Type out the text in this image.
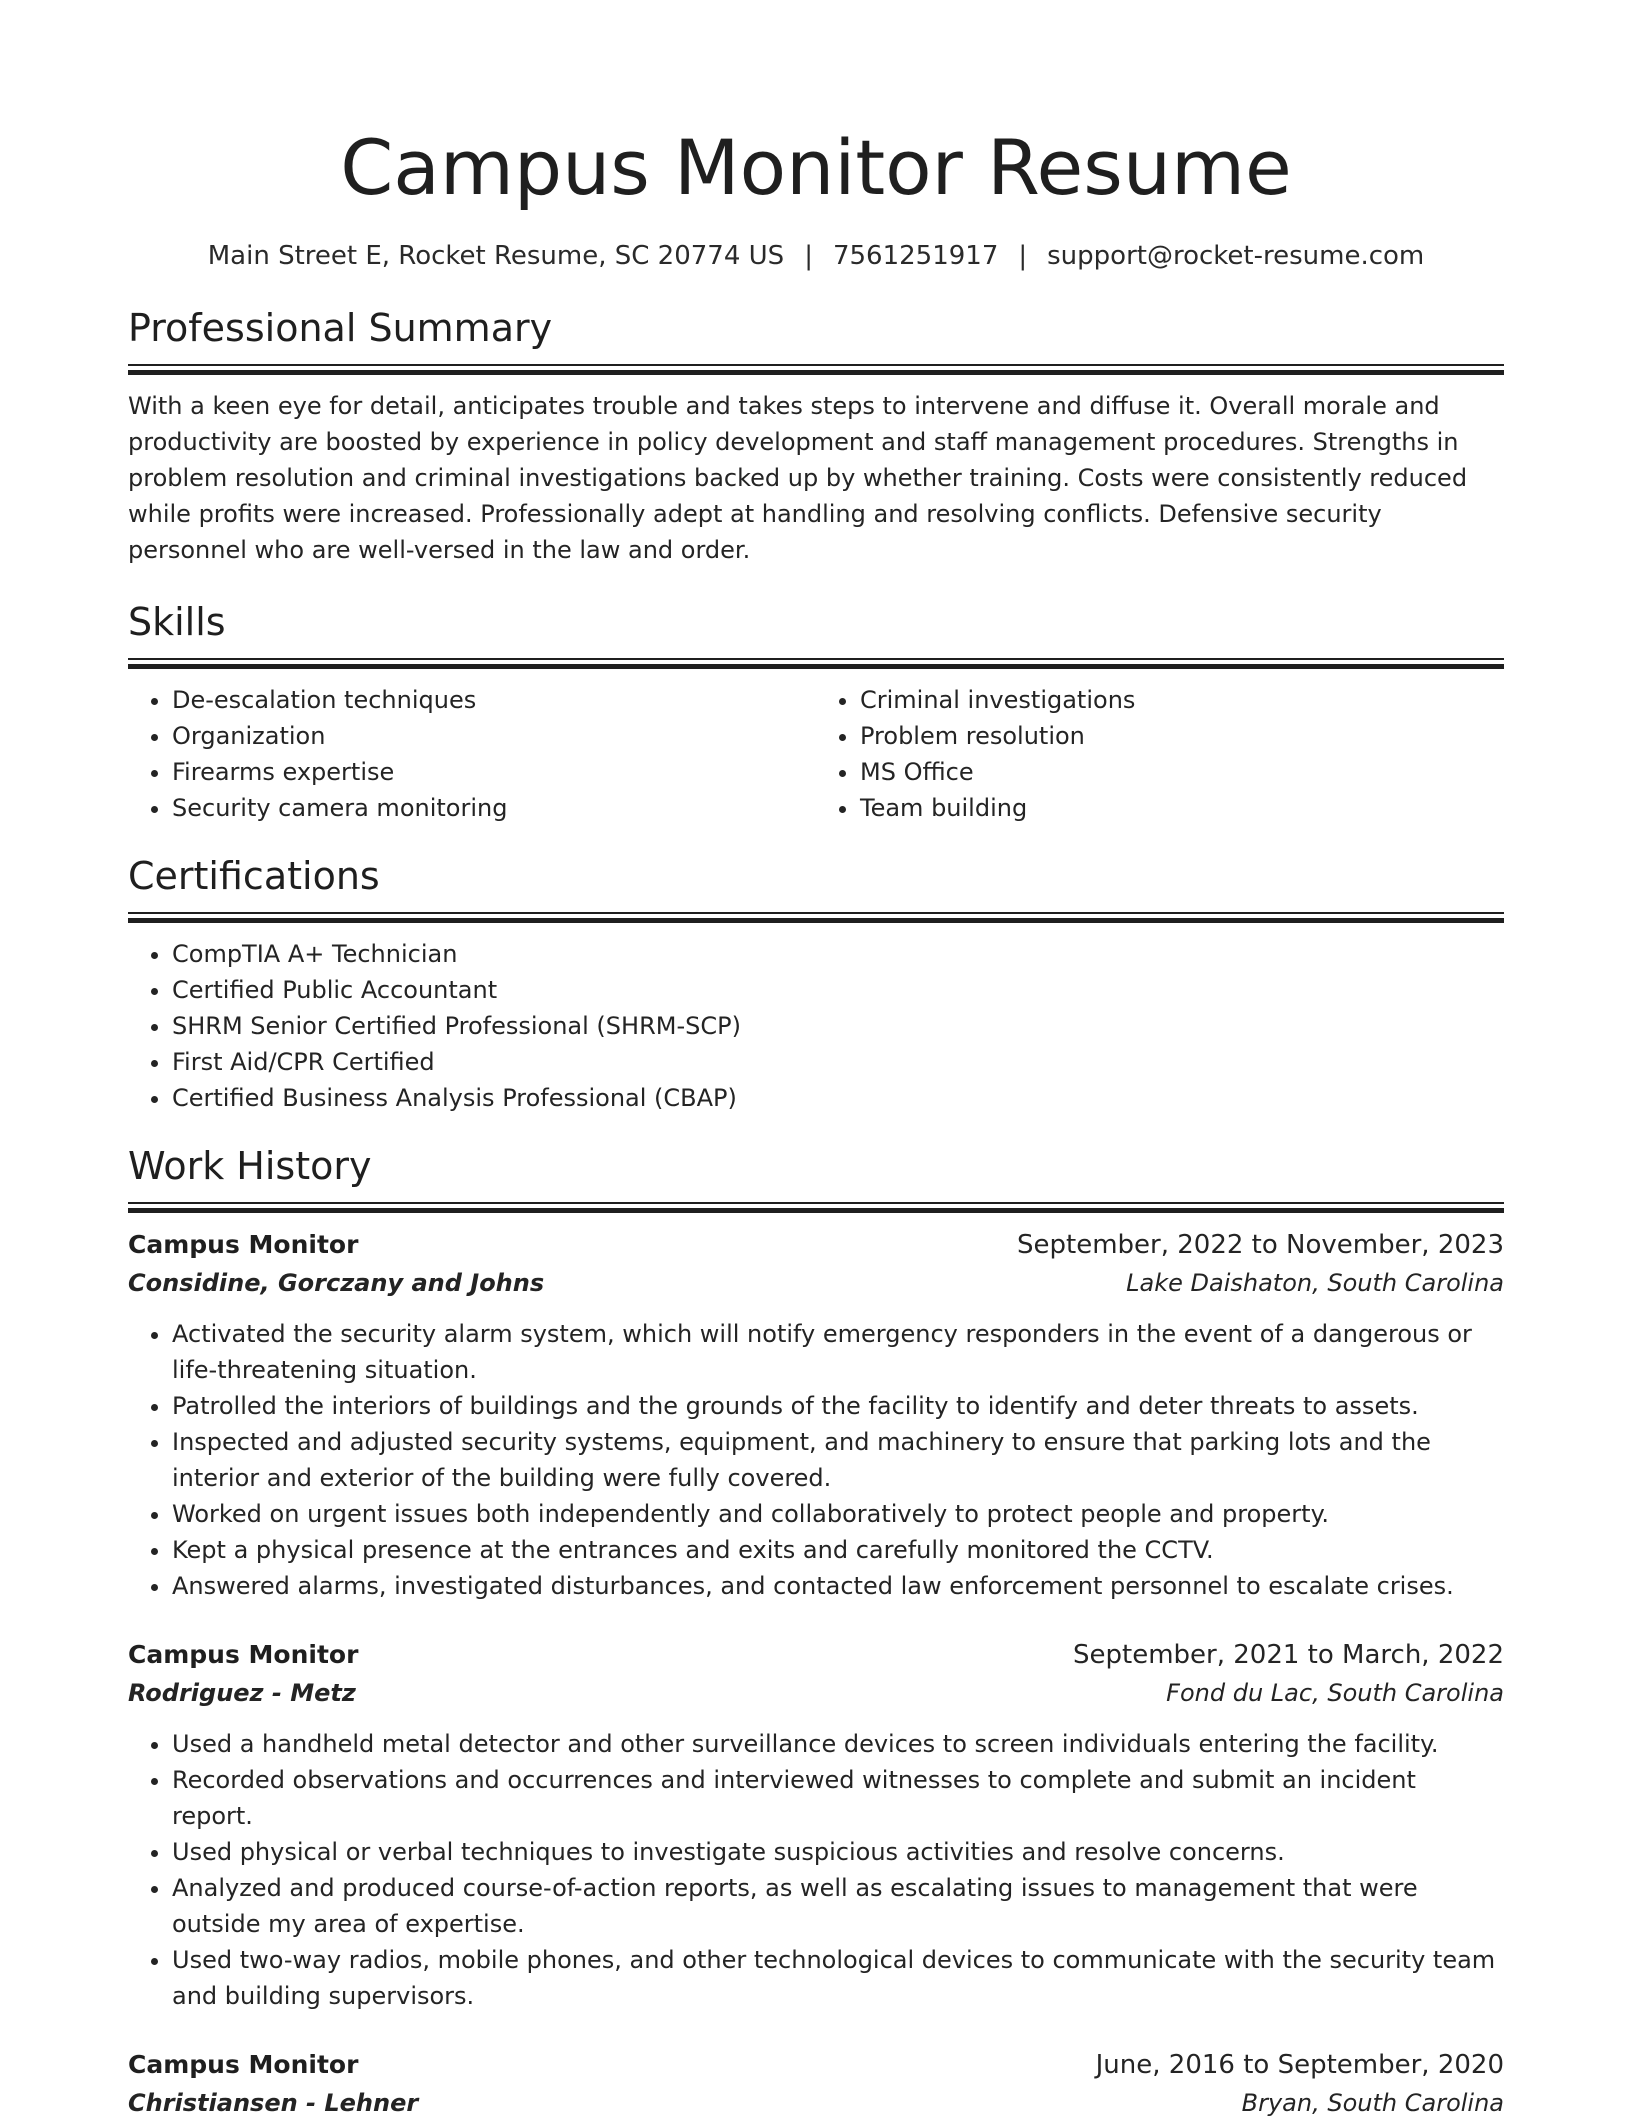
Campus Monitor Resume
Main Street E, Rocket Resume, SC 20774 US | 7561251917 | support@rocket-resume.com
Professional Summary
With a keen eye for detail, anticipates trouble and takes steps to intervene and diffuse it. Overall morale and productivity are boosted by experience in policy development and staff management procedures. Strengths in problem resolution and criminal investigations backed up by whether training. Costs were consistently reduced while profits were increased. Professionally adept at handling and resolving conflicts. Defensive security personnel who are well-versed in the law and order.
Skills
• De-escalation techniques
• Organization
• Firearms expertise
• Security camera monitoring
• Criminal investigations
• Problem resolution
• MS Office
• Team building
Certifications
• CompTIA A+ Technician
• Certified Public Accountant
• SHRM Senior Certified Professional (SHRM-SCP)
• First Aid/CPR Certified
• Certified Business Analysis Professional (CBAP)
Work History
Campus Monitor	September, 2022 to November, 2023
Considine, Gorczany and Johns	Lake Daishaton, South Carolina
• Activated the security alarm system, which will notify emergency responders in the event of a dangerous or life-threatening situation.
• Patrolled the interiors of buildings and the grounds of the facility to identify and deter threats to assets.
• Inspected and adjusted security systems, equipment, and machinery to ensure that parking lots and the interior and exterior of the building were fully covered.
• Worked on urgent issues both independently and collaboratively to protect people and property.
• Kept a physical presence at the entrances and exits and carefully monitored the CCTV.
• Answered alarms, investigated disturbances, and contacted law enforcement personnel to escalate crises.
Campus Monitor	September, 2021 to March, 2022
Rodriguez - Metz	Fond du Lac, South Carolina
• Used a handheld metal detector and other surveillance devices to screen individuals entering the facility.
• Recorded observations and occurrences and interviewed witnesses to complete and submit an incident report.
• Used physical or verbal techniques to investigate suspicious activities and resolve concerns.
• Analyzed and produced course-of-action reports, as well as escalating issues to management that were outside my area of expertise.
• Used two-way radios, mobile phones, and other technological devices to communicate with the security team and building supervisors.
Campus Monitor	June, 2016 to September, 2020
Christiansen - Lehner	Bryan, South Carolina
